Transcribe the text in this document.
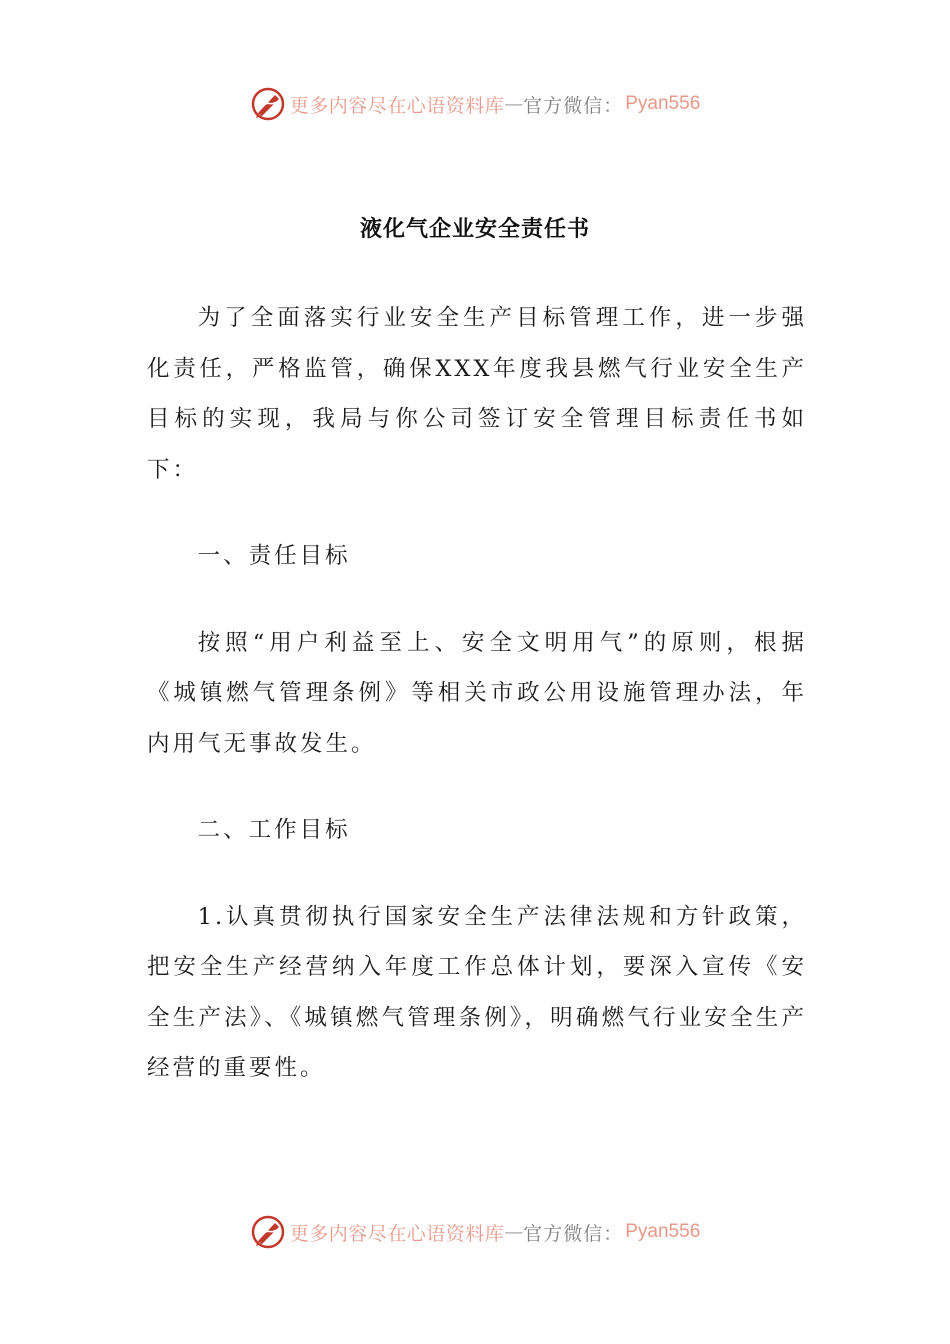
更多内容尽在心语资料库 — 官方微信： Pyan556
液化气企业安全责任书

为了全面落实行业安全生产目标管理工作，进一步强化责任，严格监管，确保XXX年度我县燃气行业安全生产目标的实现，我局与你公司签订安全管理目标责任书如下：

一、责任目标

按照“用户利益至上、安全文明用气”的原则，根据《城镇燃气管理条例》等相关市政公用设施管理办法，年内用气无事故发生。

二、工作目标

1.认真贯彻执行国家安全生产法律法规和方针政策，把安全生产经营纳入年度工作总体计划，要深入宣传《安全生产法》、《城镇燃气管理条例》，明确燃气行业安全生产经营的重要性。

更多内容尽在心语资料库 — 官方微信： Pyan556
